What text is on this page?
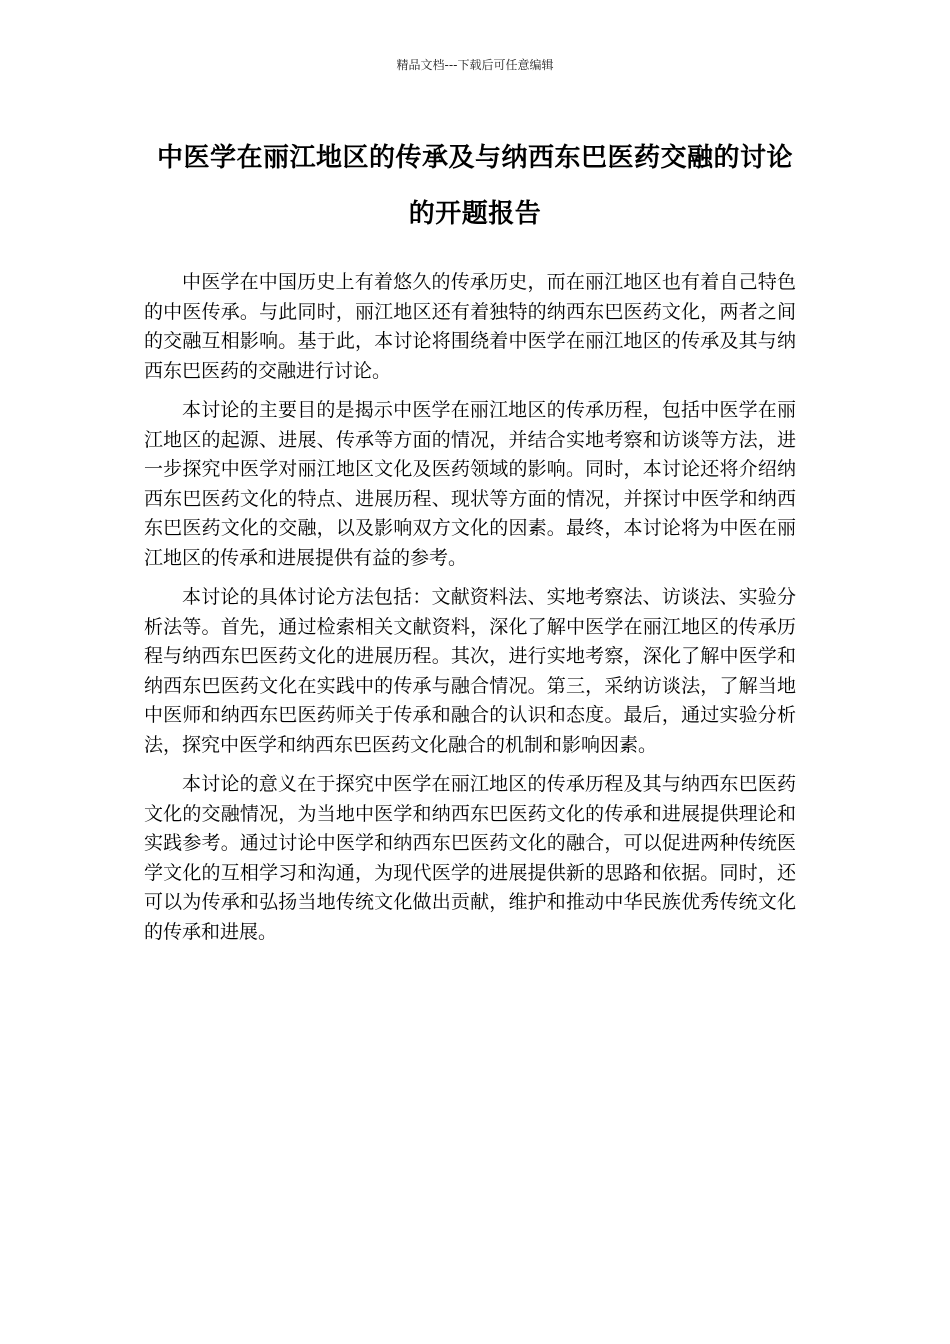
精品文档---下载后可任意编辑
中医学在丽江地区的传承及与纳西东巴医药交融的讨论的开题报告

中医学在中国历史上有着悠久的传承历史，而在丽江地区也有着自己特色的中医传承。与此同时，丽江地区还有着独特的纳西东巴医药文化，两者之间的交融互相影响。基于此，本讨论将围绕着中医学在丽江地区的传承及其与纳西东巴医药的交融进行讨论。

本讨论的主要目的是揭示中医学在丽江地区的传承历程，包括中医学在丽江地区的起源、进展、传承等方面的情况，并结合实地考察和访谈等方法，进一步探究中医学对丽江地区文化及医药领域的影响。同时，本讨论还将介绍纳西东巴医药文化的特点、进展历程、现状等方面的情况，并探讨中医学和纳西东巴医药文化的交融，以及影响双方文化的因素。最终，本讨论将为中医在丽江地区的传承和进展提供有益的参考。

本讨论的具体讨论方法包括：文献资料法、实地考察法、访谈法、实验分析法等。首先，通过检索相关文献资料，深化了解中医学在丽江地区的传承历程与纳西东巴医药文化的进展历程。其次，进行实地考察，深化了解中医学和纳西东巴医药文化在实践中的传承与融合情况。第三，采纳访谈法，了解当地中医师和纳西东巴医药师关于传承和融合的认识和态度。最后，通过实验分析法，探究中医学和纳西东巴医药文化融合的机制和影响因素。

本讨论的意义在于探究中医学在丽江地区的传承历程及其与纳西东巴医药文化的交融情况，为当地中医学和纳西东巴医药文化的传承和进展提供理论和实践参考。通过讨论中医学和纳西东巴医药文化的融合，可以促进两种传统医学文化的互相学习和沟通，为现代医学的进展提供新的思路和依据。同时，还可以为传承和弘扬当地传统文化做出贡献，维护和推动中华民族优秀传统文化的传承和进展。
